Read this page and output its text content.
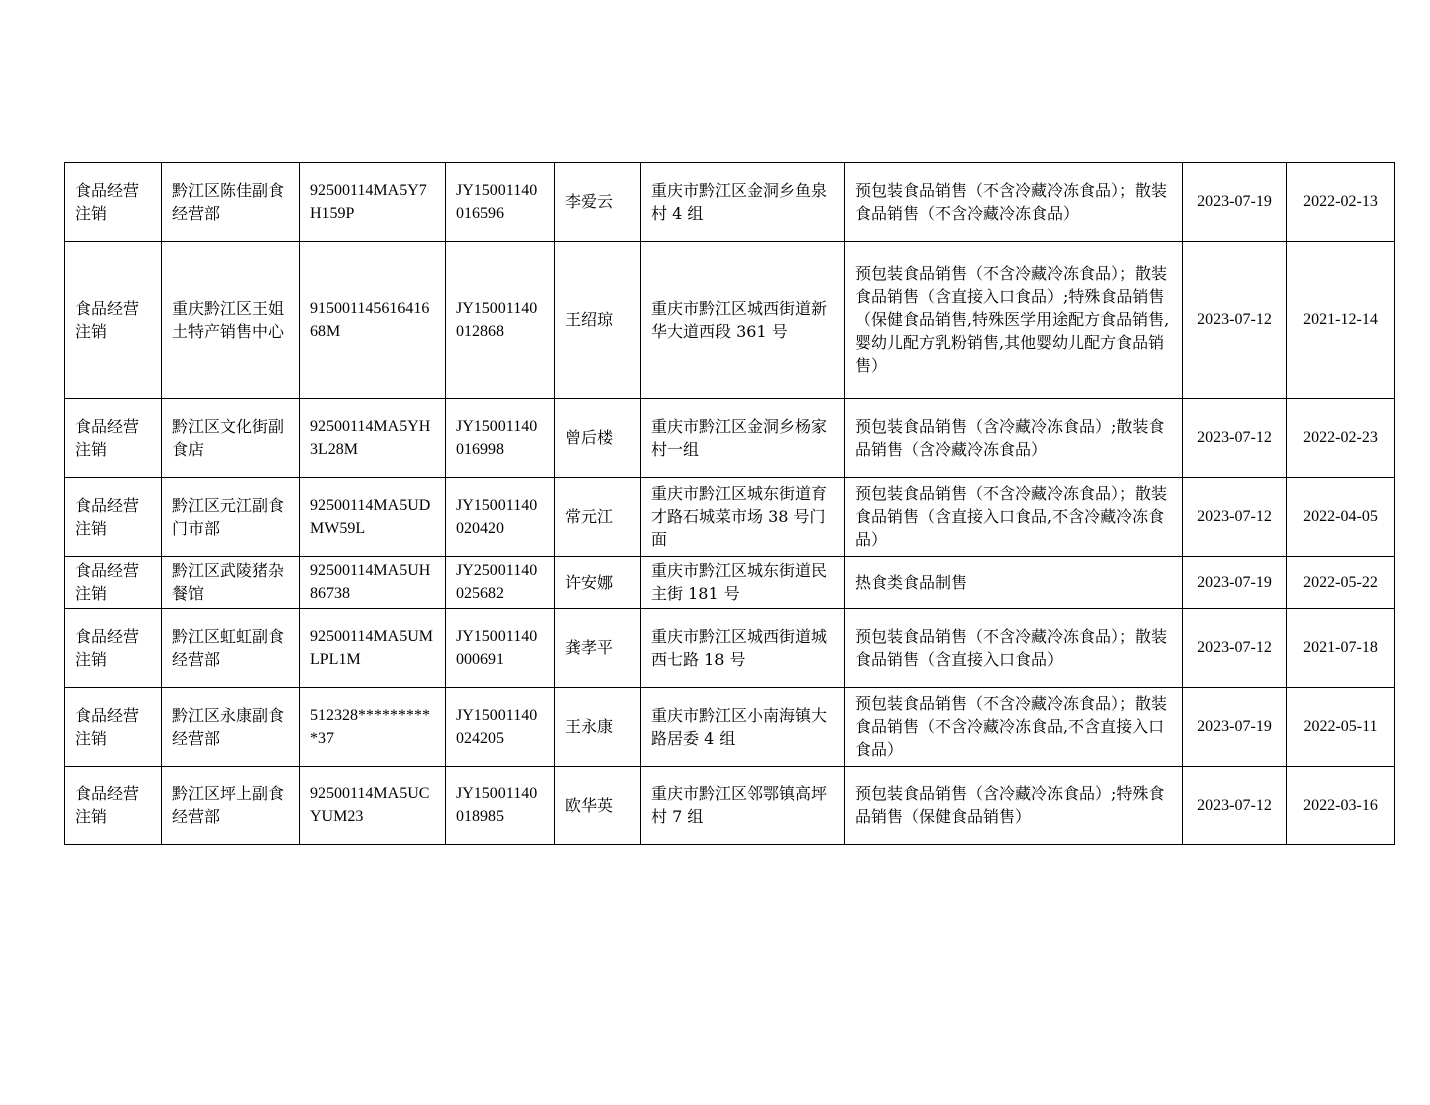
食品经营注销	黔江区陈佳副食经营部	92500114MA5Y7H159P	JY15001140016596	李爱云	重庆市黔江区金洞乡鱼泉村 4 组	预包装食品销售（不含冷藏冷冻食品）；散装食品销售（不含冷藏冷冻食品）	2023-07-19	2022-02-13
食品经营注销	重庆黔江区王姐土特产销售中心	91500114561641668M	JY15001140012868	王绍琼	重庆市黔江区城西街道新华大道西段 361 号	预包装食品销售（不含冷藏冷冻食品）；散装食品销售（含直接入口食品）;特殊食品销售（保健食品销售,特殊医学用途配方食品销售,婴幼儿配方乳粉销售,其他婴幼儿配方食品销售）	2023-07-12	2021-12-14
食品经营注销	黔江区文化街副食店	92500114MA5YH3L28M	JY15001140016998	曾后楼	重庆市黔江区金洞乡杨家村一组	预包装食品销售（含冷藏冷冻食品）;散装食品销售（含冷藏冷冻食品）	2023-07-12	2022-02-23
食品经营注销	黔江区元江副食门市部	92500114MA5UDMW59L	JY15001140020420	常元江	重庆市黔江区城东街道育才路石城菜市场 38 号门面	预包装食品销售（不含冷藏冷冻食品）；散装食品销售（含直接入口食品,不含冷藏冷冻食品）	2023-07-12	2022-04-05
食品经营注销	黔江区武陵猪杂餐馆	92500114MA5UH86738	JY25001140025682	许安娜	重庆市黔江区城东街道民主街 181 号	热食类食品制售	2023-07-19	2022-05-22
食品经营注销	黔江区虹虹副食经营部	92500114MA5UMLPL1M	JY15001140000691	龚孝平	重庆市黔江区城西街道城西七路 18 号	预包装食品销售（不含冷藏冷冻食品）；散装食品销售（含直接入口食品）	2023-07-12	2021-07-18
食品经营注销	黔江区永康副食经营部	512328**********37	JY15001140024205	王永康	重庆市黔江区小南海镇大路居委 4 组	预包装食品销售（不含冷藏冷冻食品）；散装食品销售（不含冷藏冷冻食品,不含直接入口食品）	2023-07-19	2022-05-11
食品经营注销	黔江区坪上副食经营部	92500114MA5UCYUM23	JY15001140018985	欧华英	重庆市黔江区邻鄂镇高坪村 7 组	预包装食品销售（含冷藏冷冻食品）;特殊食品销售（保健食品销售）	2023-07-12	2022-03-16
